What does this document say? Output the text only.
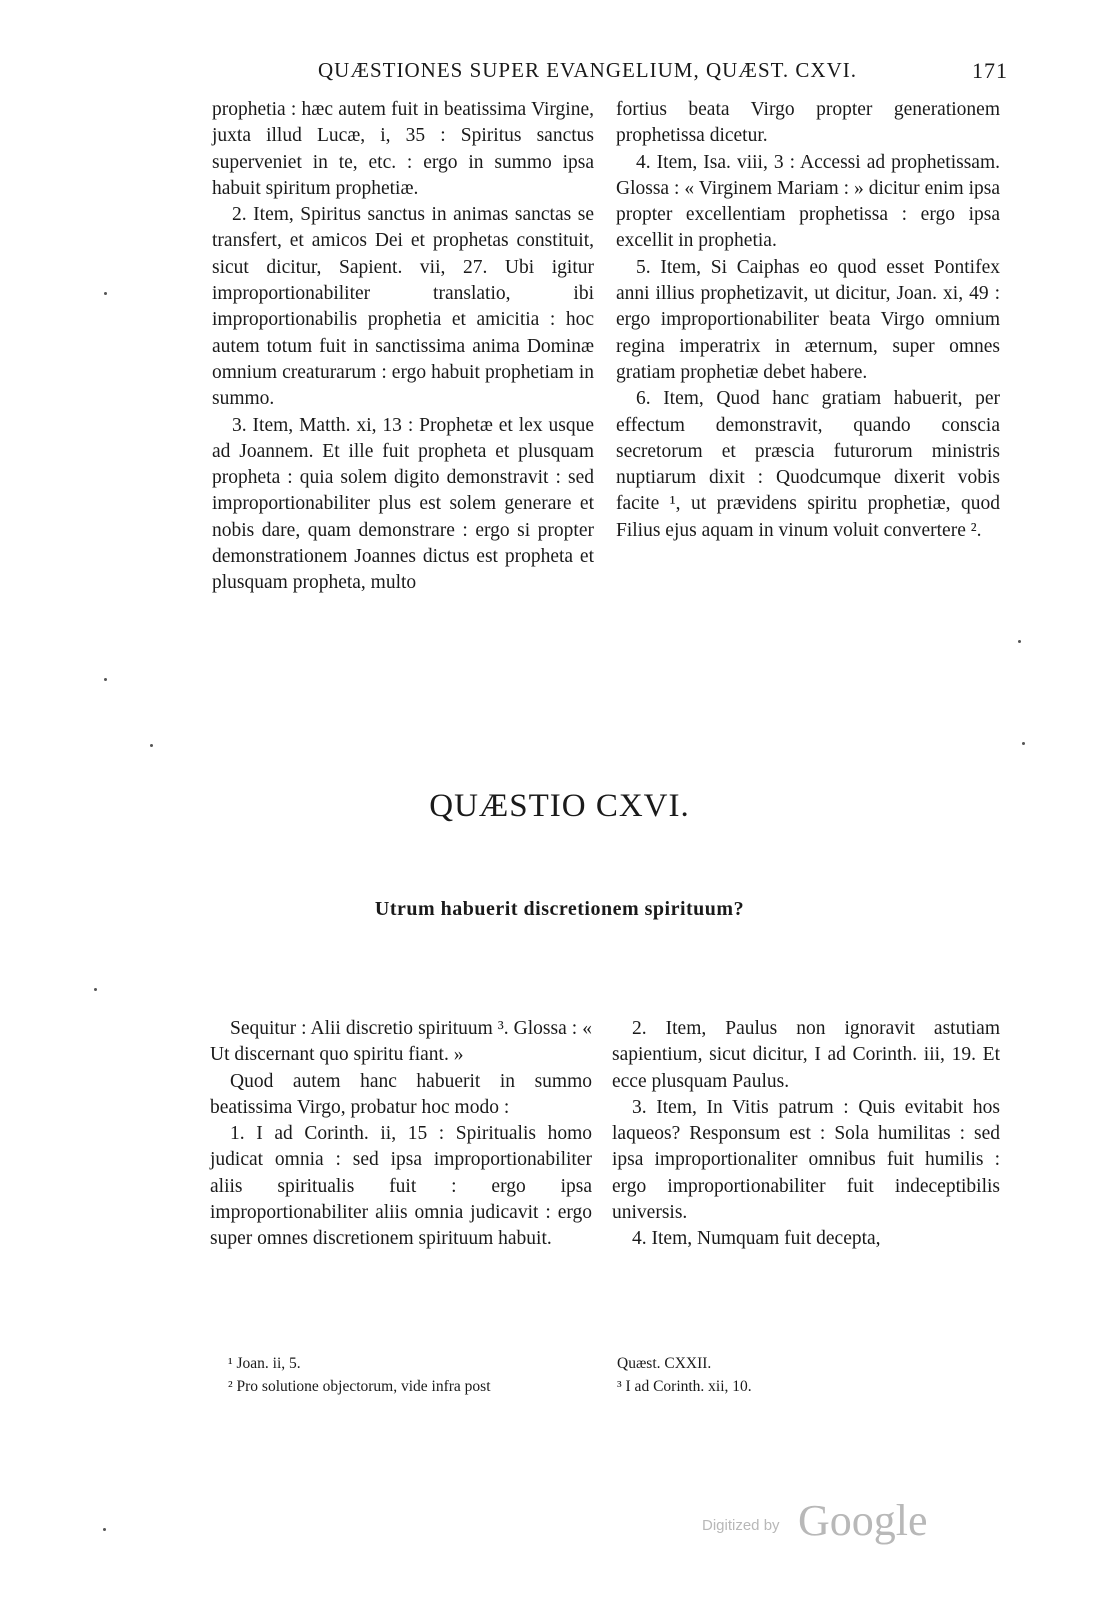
QUÆSTIONES SUPER EVANGELIUM, QUÆST. CXVI.	171

prophetia : hæc autem fuit in beatissima Virgine, juxta illud Lucæ, i, 35 : Spiritus sanctus superveniet in te, etc. : ergo in summo ipsa habuit spiritum prophetiæ.

2. Item, Spiritus sanctus in animas sanctas se transfert, et amicos Dei et prophetas constituit, sicut dicitur, Sapient. vii, 27. Ubi igitur improportionabiliter translatio, ibi improportionabilis prophetia et amicitia : hoc autem totum fuit in sanctissima anima Dominæ omnium creaturarum : ergo habuit prophetiam in summo.

3. Item, Matth. xi, 13 : Prophetæ et lex usque ad Joannem. Et ille fuit propheta et plusquam propheta : quia solem digito demonstravit : sed improportionabiliter plus est solem generare et nobis dare, quam demonstrare : ergo si propter demonstrationem Joannes dictus est propheta et plusquam propheta, multo

fortius beata Virgo propter generationem prophetissa dicetur.

4. Item, Isa. viii, 3 : Accessi ad prophetissam. Glossa : « Virginem Mariam : » dicitur enim ipsa propter excellentiam prophetissa : ergo ipsa excellit in prophetia.

5. Item, Si Caiphas eo quod esset Pontifex anni illius prophetizavit, ut dicitur, Joan. xi, 49 : ergo improportionabiliter beata Virgo omnium regina imperatrix in æternum, super omnes gratiam prophetiæ debet habere.

6. Item, Quod hanc gratiam habuerit, per effectum demonstravit, quando conscia secretorum et præscia futurorum ministris nuptiarum dixit : Quodcumque dixerit vobis facite ¹, ut prævidens spiritu prophetiæ, quod Filius ejus aquam in vinum voluit convertere ².

QUÆSTIO CXVI.
Utrum habuerit discretionem spirituum?

Sequitur : Alii discretio spirituum ³. Glossa : « Ut discernant quo spiritu fiant. »

Quod autem hanc habuerit in summo beatissima Virgo, probatur hoc modo :

1. I ad Corinth. ii, 15 : Spiritualis homo judicat omnia : sed ipsa improportionabiliter aliis spiritualis fuit : ergo ipsa improportionabiliter aliis omnia judicavit : ergo super omnes discretionem spirituum habuit.

2. Item, Paulus non ignoravit astutiam sapientium, sicut dicitur, I ad Corinth. iii, 19. Et ecce plusquam Paulus.

3. Item, In Vitis patrum : Quis evitabit hos laqueos? Responsum est : Sola humilitas : sed ipsa improportionaliter omnibus fuit humilis : ergo improportionabiliter fuit indeceptibilis universis.

4. Item, Numquam fuit decepta,

¹ Joan. ii, 5.

² Pro solutione objectorum, vide infra post

Quæst. CXXII.

³ I ad Corinth. xii, 10.

Digitized by Google
